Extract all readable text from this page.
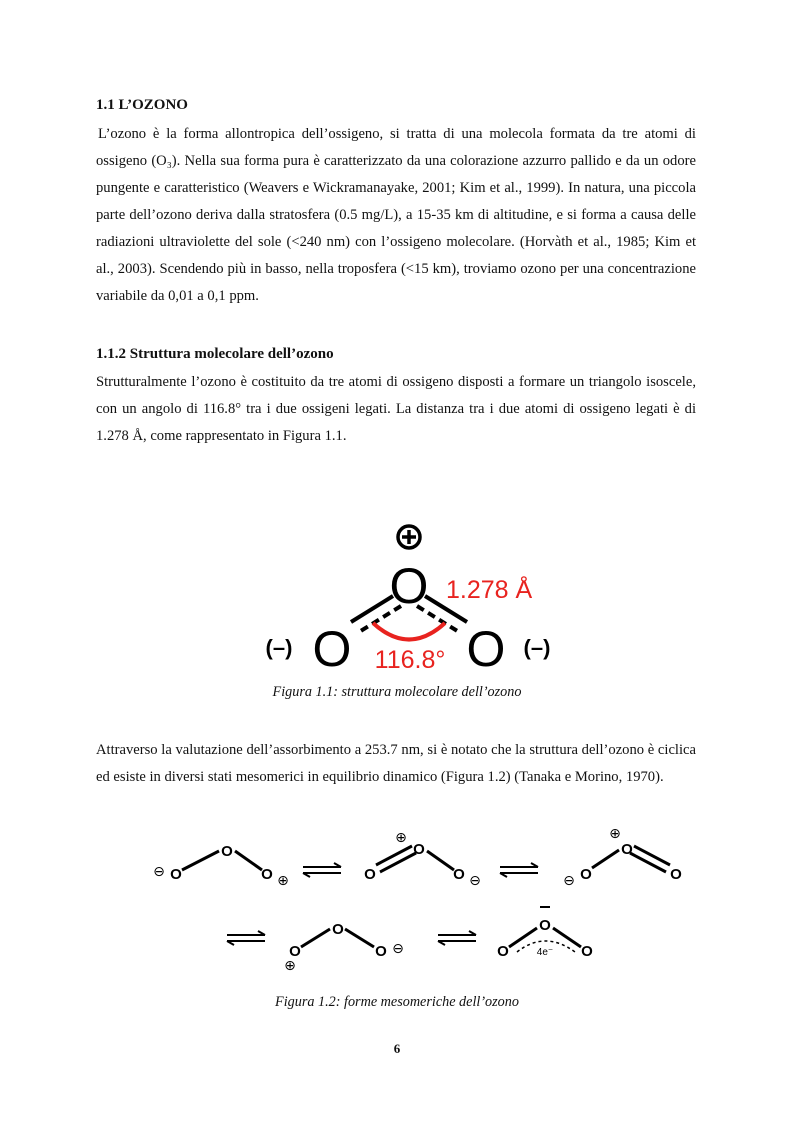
1.1 L’OZONO

L’ozono è la forma allontropica dell’ossigeno, si tratta di una molecola formata da tre atomi di ossigeno (O₃). Nella sua forma pura è caratterizzato da una colorazione azzurro pallido e da un odore pungente e caratteristico (Weavers e Wickramanayake, 2001; Kim et al., 1999). In natura, una piccola parte dell’ozono deriva dalla stratosfera (0.5 mg/L), a 15-35 km di altitudine, e si forma a causa delle radiazioni ultraviolette del sole (<240 nm) con l’ossigeno molecolare. (Horvàth et al., 1985; Kim et al., 2003). Scendendo più in basso, nella troposfera (<15 km), troviamo ozono per una concentrazione variabile da 0,01 a 0,1 ppm.

1.1.2 Struttura molecolare dell’ozono

Strutturalmente l’ozono è costituito da tre atomi di ossigeno disposti a formare un triangolo isoscele, con un angolo di 116.8° tra i due ossigeni legati. La distanza tra i due atomi di ossigeno legati è di 1.278 Å, come rappresentato in Figura 1.1.

O
O O
(–)	(–)
1.278 Å
116.8°

Figura 1.1: struttura molecolare dell’ozono

Attraverso la valutazione dell’assorbimento a 253.7 nm, si è notato che la struttura dell’ozono è ciclica ed esiste in diversi stati mesomerici in equilibrio dinamico (Figura 1.2) (Tanaka e Morino, 1970).

O
O	O
⊖
⊕
O
O	O
⊕
⊖
O
O	O
⊕
⊖
O
O	O
⊕
⊖
O
O	O
4e⁻

Figura 1.2: forme mesomeriche dell’ozono

6
